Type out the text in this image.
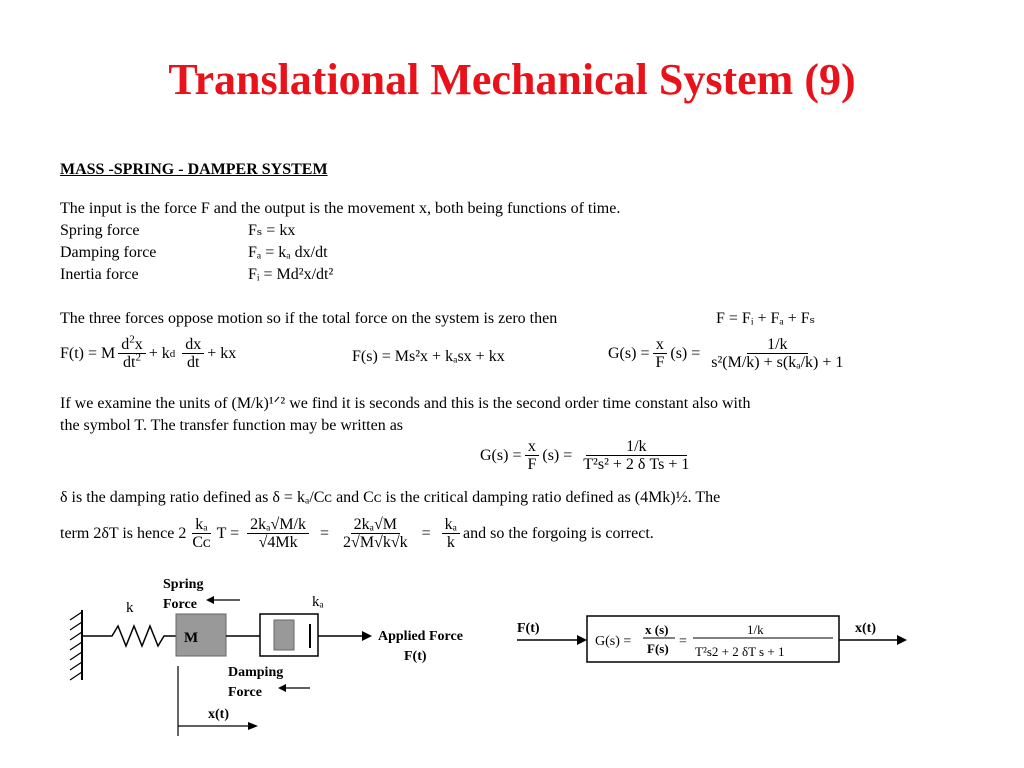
Translational Mechanical System (9)
MASS -SPRING - DAMPER SYSTEM
The input is the force F and the output is the movement x, both being functions of time.
Spring force	Fₛ = kx
Damping force	Fₐ = kₐ dx/dt
Inertia force	Fᵢ = Md²x/dt²
The three forces oppose motion so if the total force on the system is zero then	F = Fᵢ + Fₐ + Fₛ
F(t) = M $\frac{d^2x}{dt^2} + k$ d $\frac{dx}{dt}$ + kx	F(s) = Ms²x + kₐsx + kx	$G(s) = \frac{x}{F} (s) = \frac{1/k}{\text{s²(M/k) + s(kₐ/k) + 1}}$
If we examine the units of (M/k)¹ᐟ² we find it is seconds and this is the second order time constant also with
the symbol T. The transfer function may be written as
$G(s) = \frac{x}{F} (s) = \frac{1/k}{\text{T²s² + 2 δ Ts + 1}}$
δ is the damping ratio defined as δ = kₐ/Cᴄ and Cᴄ is the critical damping ratio defined as (4Mk)½. The
term 2δT is hence $2 \frac{\text{kₐ}}{\text{Cᴄ}}$ $T = \frac{\text{2kₐ√M/k}}{√4Mk} = \frac{\text{2kₐ√M}}{2√M√k√k} = \frac{\text{kₐ}}{k}$ and so the forgoing is correct.
k
Spring
Force
M
kₐ
Applied Force
F(t)
Damping
Force
x(t)
F(t)
G(s) =
x (s)
F(s) =
1/k
T²s2 + 2 δT s + 1
x(t)
